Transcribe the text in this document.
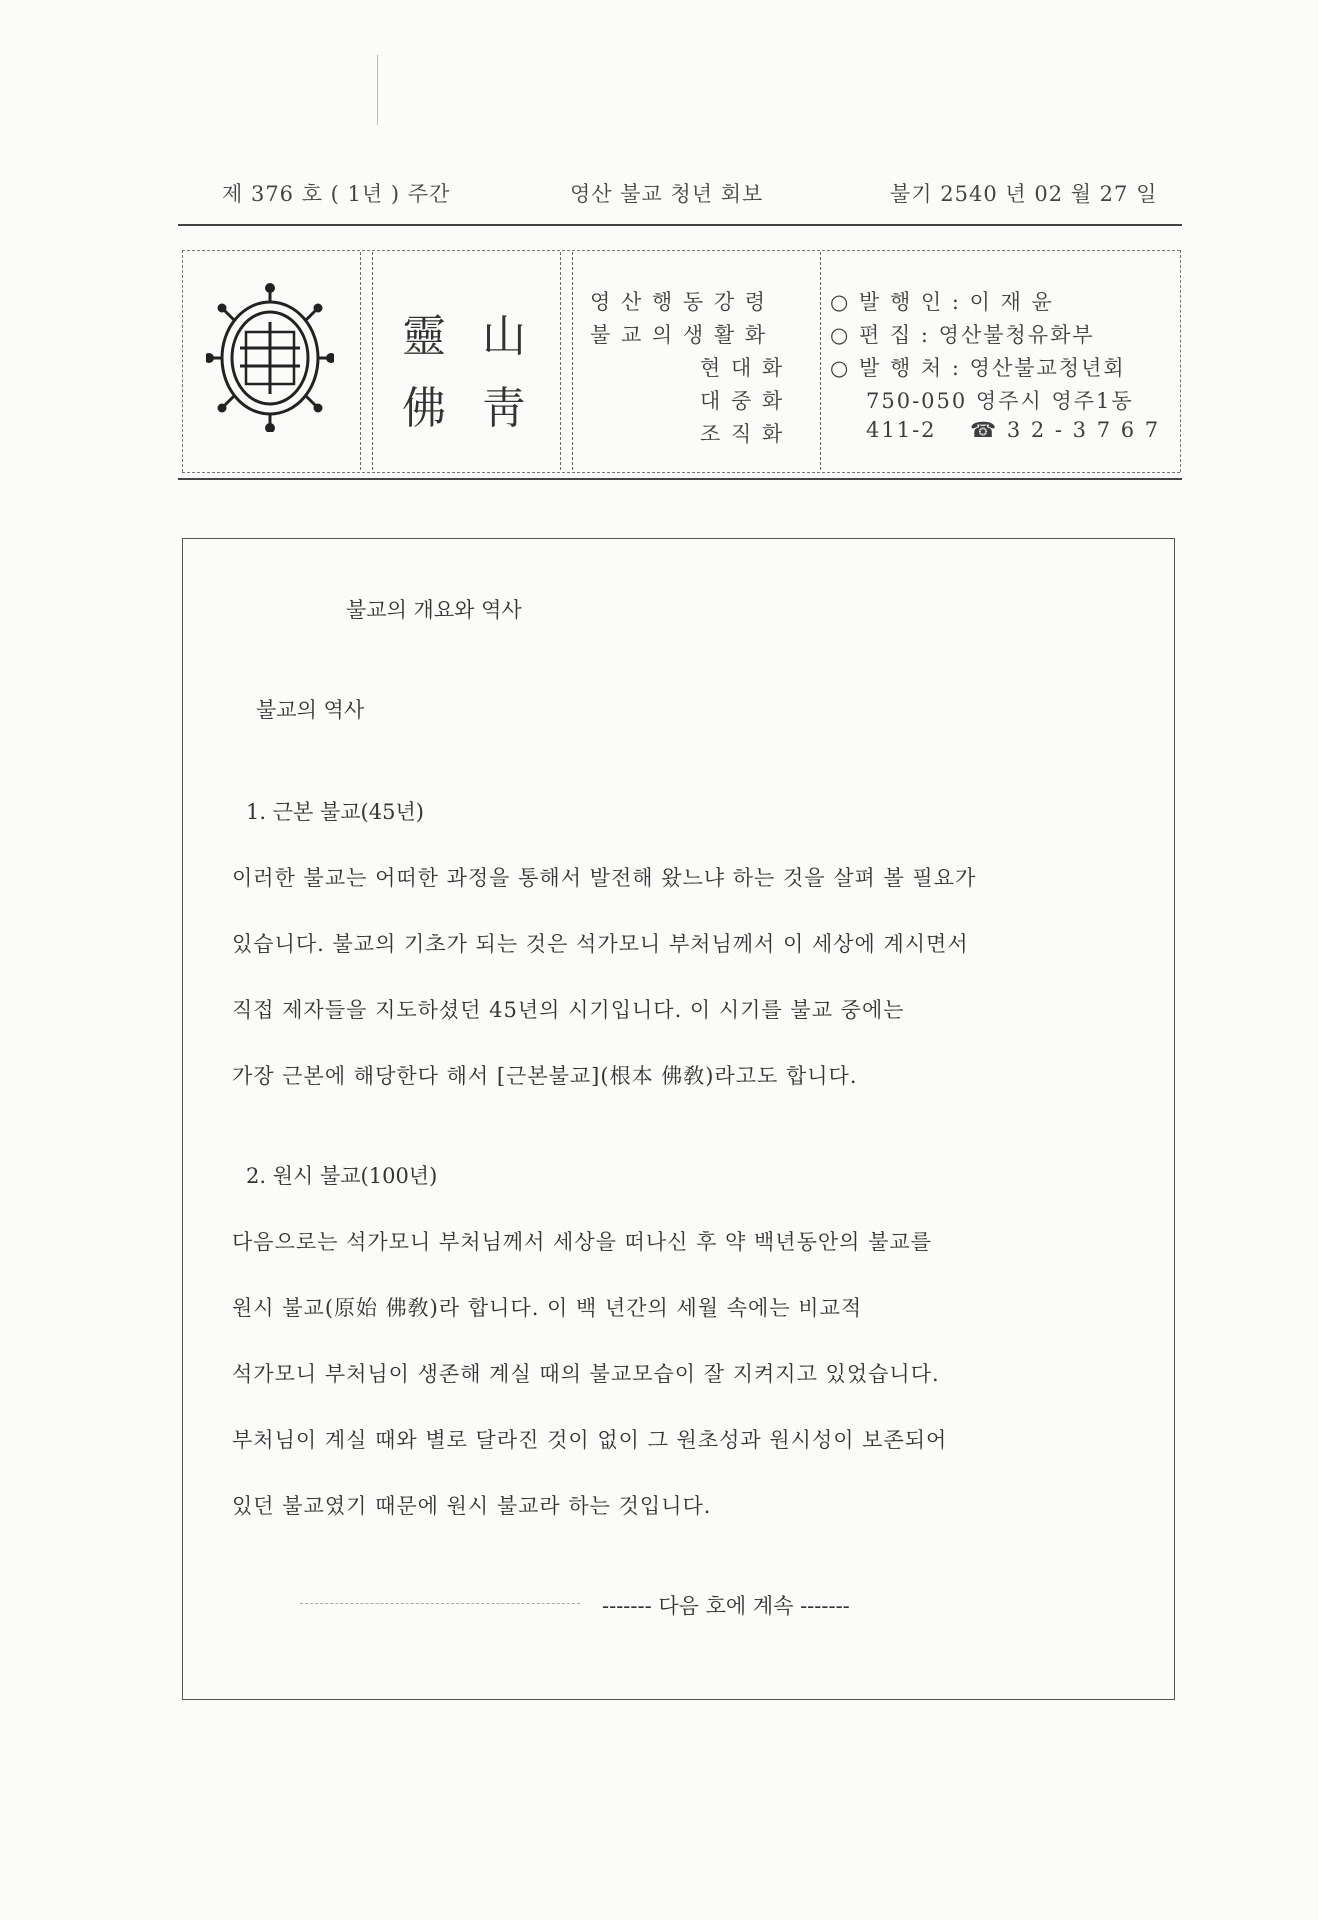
제 376 호 ( 1년 ) 주간	영산 불교 청년 회보	불기 2540 년 02 월 27 일
靈 山
佛 靑
영 산 행 동 강 령
불 교 의 생 활 화
현 대 화
대 중 화
조 직 화
○ 발 행 인 : 이 재 윤
○ 편 집 : 영산불청유화부
○ 발 행 처 : 영산불교청년회
750-050 영주시 영주1동
411-2 ☎ 3 2 - 3 7 6 7
불교의 개요와 역사
불교의 역사
1. 근본 불교(45년)
이러한 불교는 어떠한 과정을 통해서 발전해 왔느냐 하는 것을 살펴 볼 필요가
있습니다. 불교의 기초가 되는 것은 석가모니 부처님께서 이 세상에 계시면서
직접 제자들을 지도하셨던 45년의 시기입니다. 이 시기를 불교 중에는
가장 근본에 해당한다 해서 [근본불교](根本 佛敎)라고도 합니다.
2. 원시 불교(100년)
다음으로는 석가모니 부처님께서 세상을 떠나신 후 약 백년동안의 불교를
원시 불교(原始 佛敎)라 합니다. 이 백 년간의 세월 속에는 비교적
석가모니 부처님이 생존해 계실 때의 불교모습이 잘 지켜지고 있었습니다.
부처님이 계실 때와 별로 달라진 것이 없이 그 원초성과 원시성이 보존되어
있던 불교였기 때문에 원시 불교라 하는 것입니다.
------- 다음 호에 계속 -------
